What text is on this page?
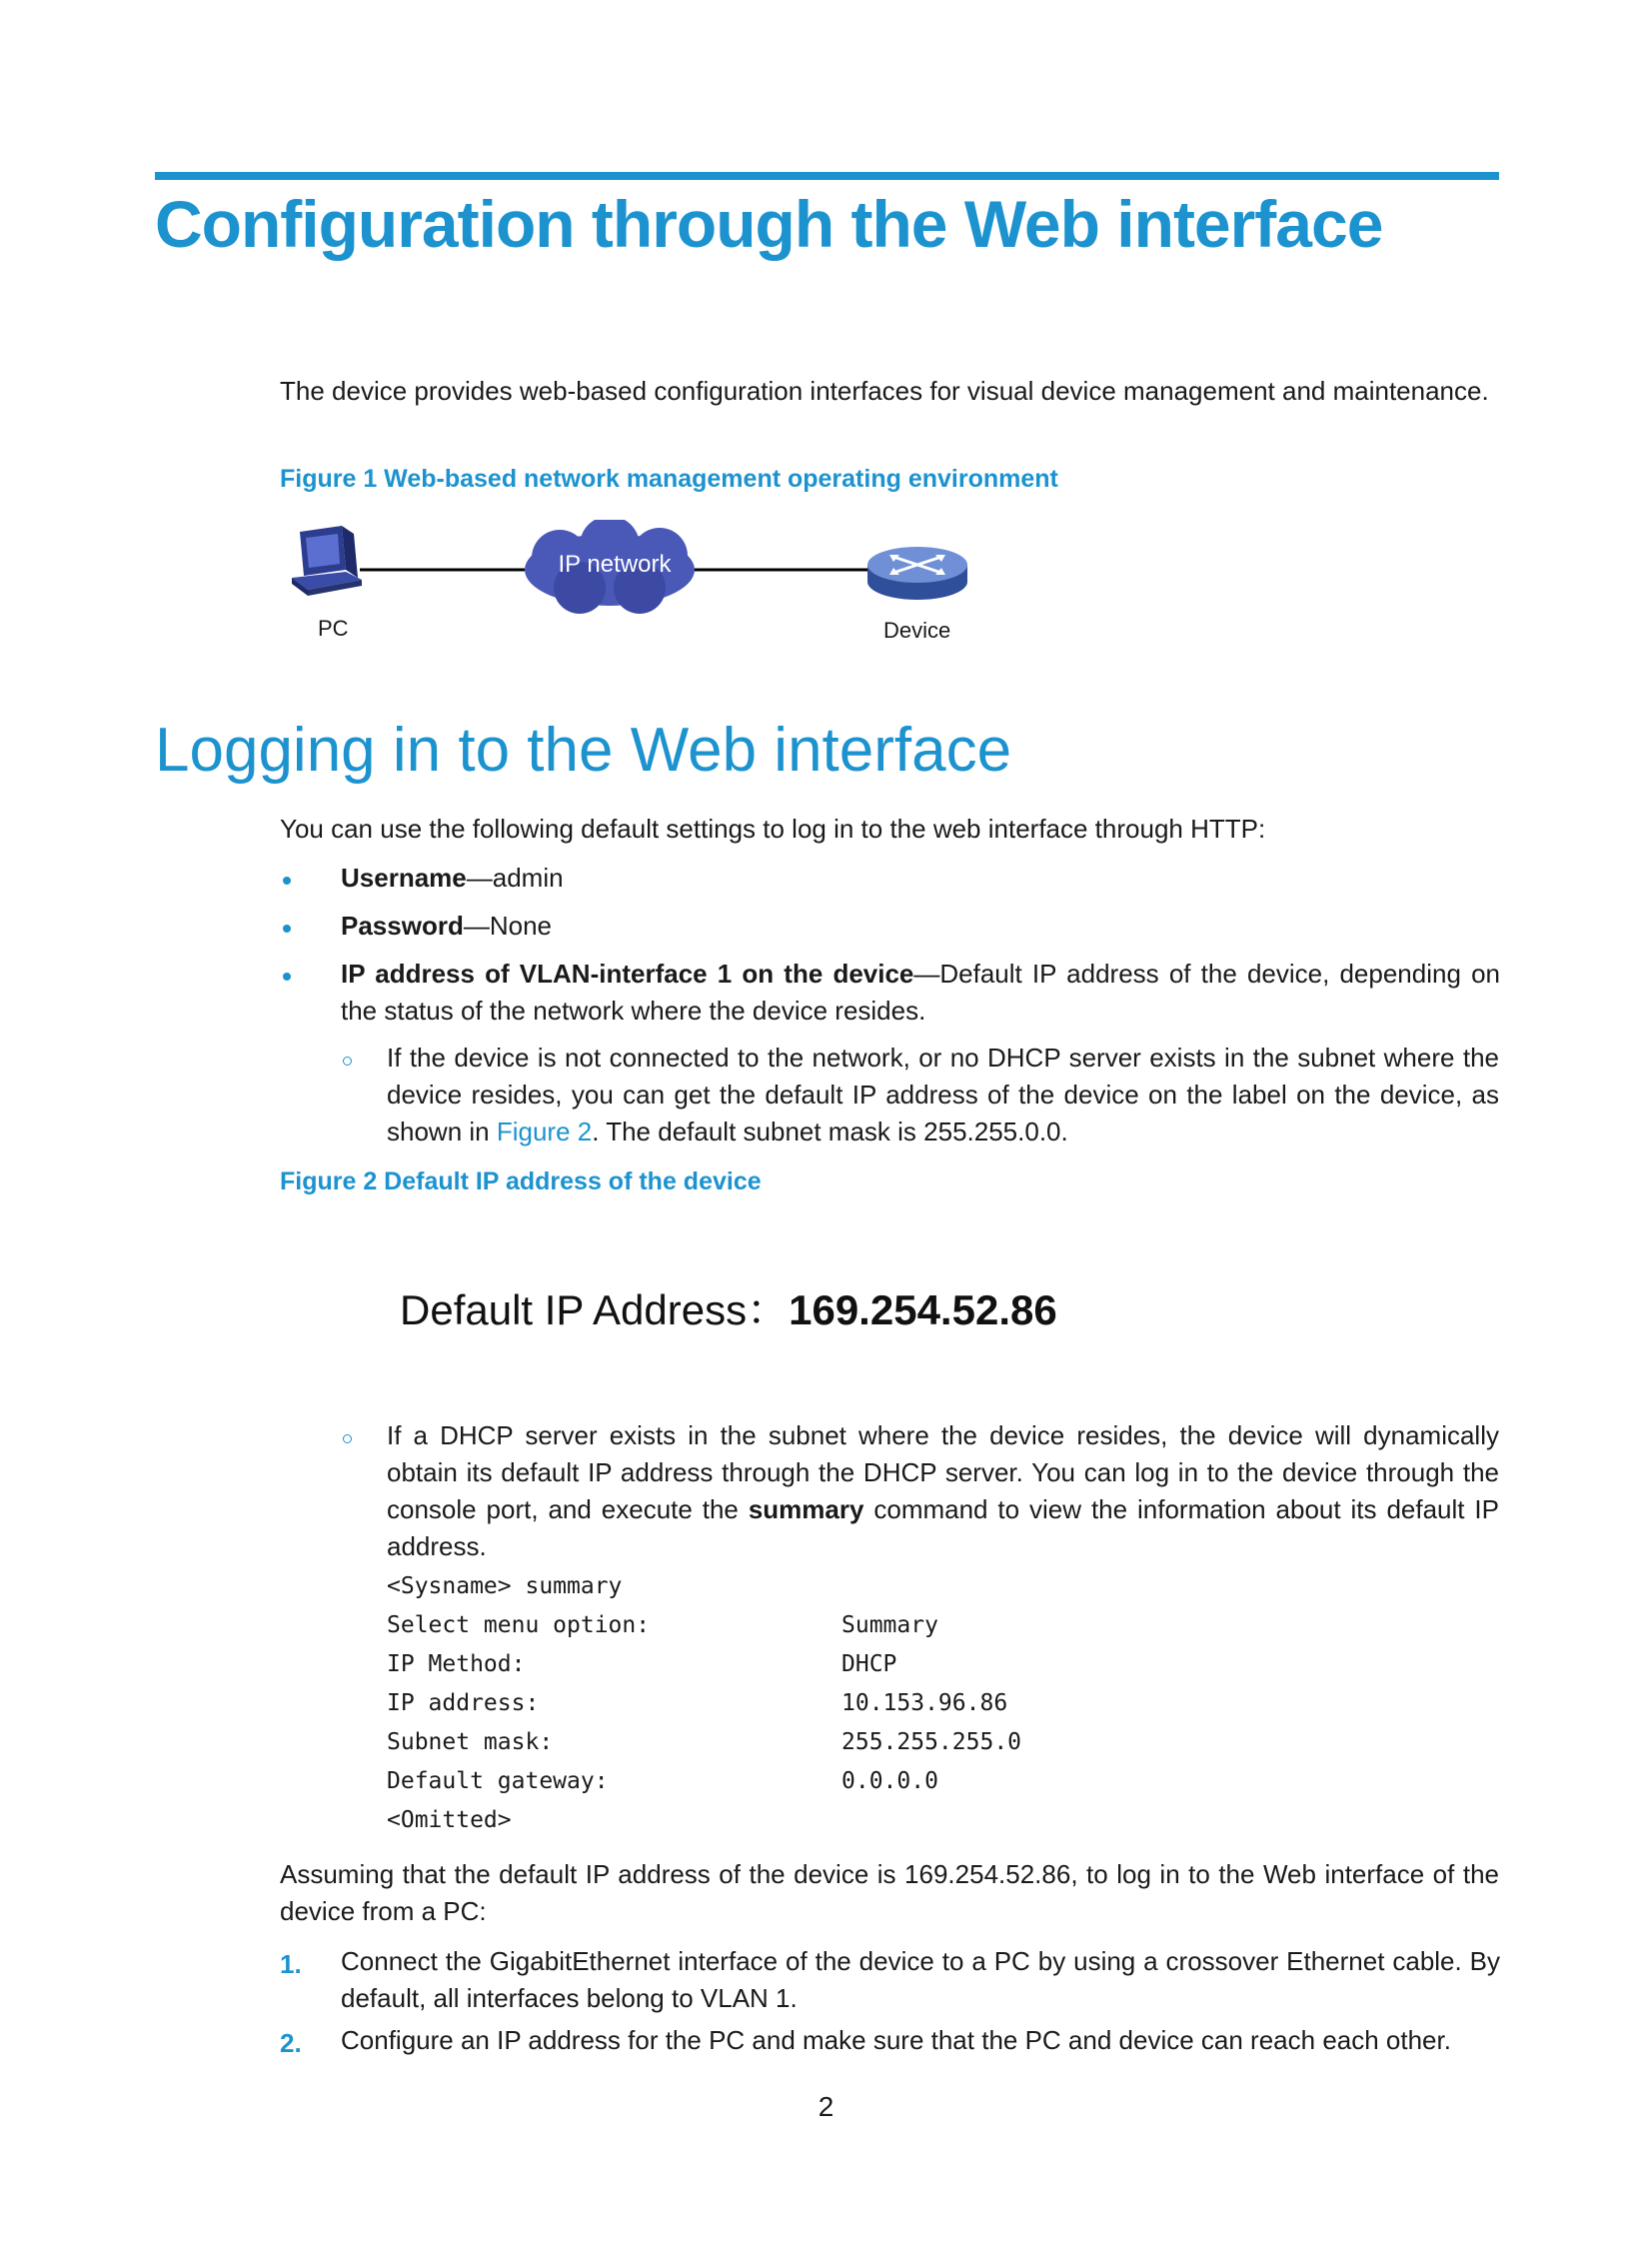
Configuration through the Web interface

The device provides web-based configuration interfaces for visual device management and maintenance.

Figure 1 Web-based network management operating environment

IP network
PC	Device
Logging in to the Web interface

You can use the following default settings to log in to the web interface through HTTP:

Username—admin

Password—None

IP address of VLAN-interface 1 on the device—Default IP address of the device, depending on the status of the network where the device resides.

If the device is not connected to the network, or no DHCP server exists in the subnet where the device resides, you can get the default IP address of the device on the label on the device, as shown in Figure 2. The default subnet mask is 255.255.0.0.

Figure 2 Default IP address of the device

Default IP Address：169.254.52.86

If a DHCP server exists in the subnet where the device resides, the device will dynamically obtain its default IP address through the DHCP server. You can log in to the device through the console port, and execute the summary command to view the information about its default IP address.

<Sysname> summary

Select menu option:	Summary

IP Method:	DHCP

IP address:	10.153.96.86

Subnet mask:	255.255.255.0

Default gateway:	0.0.0.0

<Omitted>

Assuming that the default IP address of the device is 169.254.52.86, to log in to the Web interface of the device from a PC:

1. Connect the GigabitEthernet interface of the device to a PC by using a crossover Ethernet cable. By default, all interfaces belong to VLAN 1.

2. Configure an IP address for the PC and make sure that the PC and device can reach each other.

2
